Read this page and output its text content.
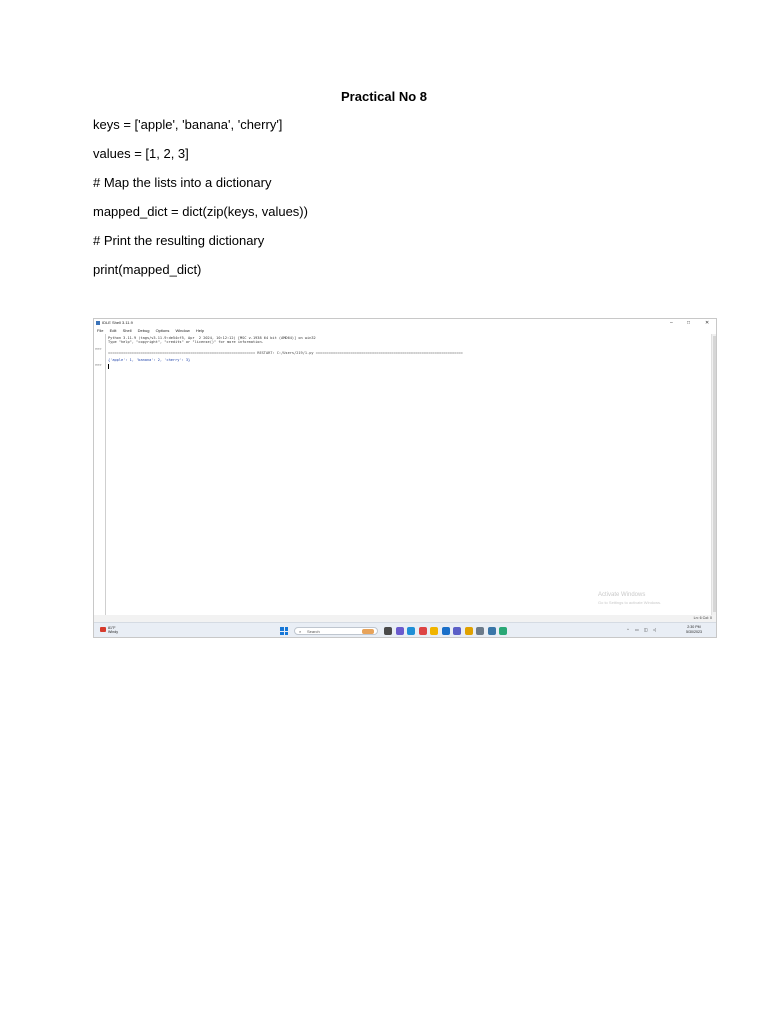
Practical No 8

keys = ['apple', 'banana', 'cherry']

values = [1, 2, 3]

# Map the lists into a dictionary

mapped_dict = dict(zip(keys, values))

# Print the resulting dictionary

print(mapped_dict)

IDLE Shell 3.11.9	–	□	✕
File Edit Shell Debug Options Window Help
>>>
>>>
Python 3.11.9 (tags/v3.11.9:de54cf5, Apr  2 2024, 10:12:12) [MSC v.1938 64 bit (AMD64)] on win32
Type "help", "copyright", "credits" or "license()" for more information.
==================================================================== RESTART: C:/Users/219/1.py ====================================================================
{'apple': 1, 'banana': 2, 'cherry': 3}
Activate Windows
Go to Settings to activate Windows.
Ln: 6 Col: 0
81°F
Windy	⌕ Search	^ ▭ ◫ ◁	2:30 PM
5/30/2023
